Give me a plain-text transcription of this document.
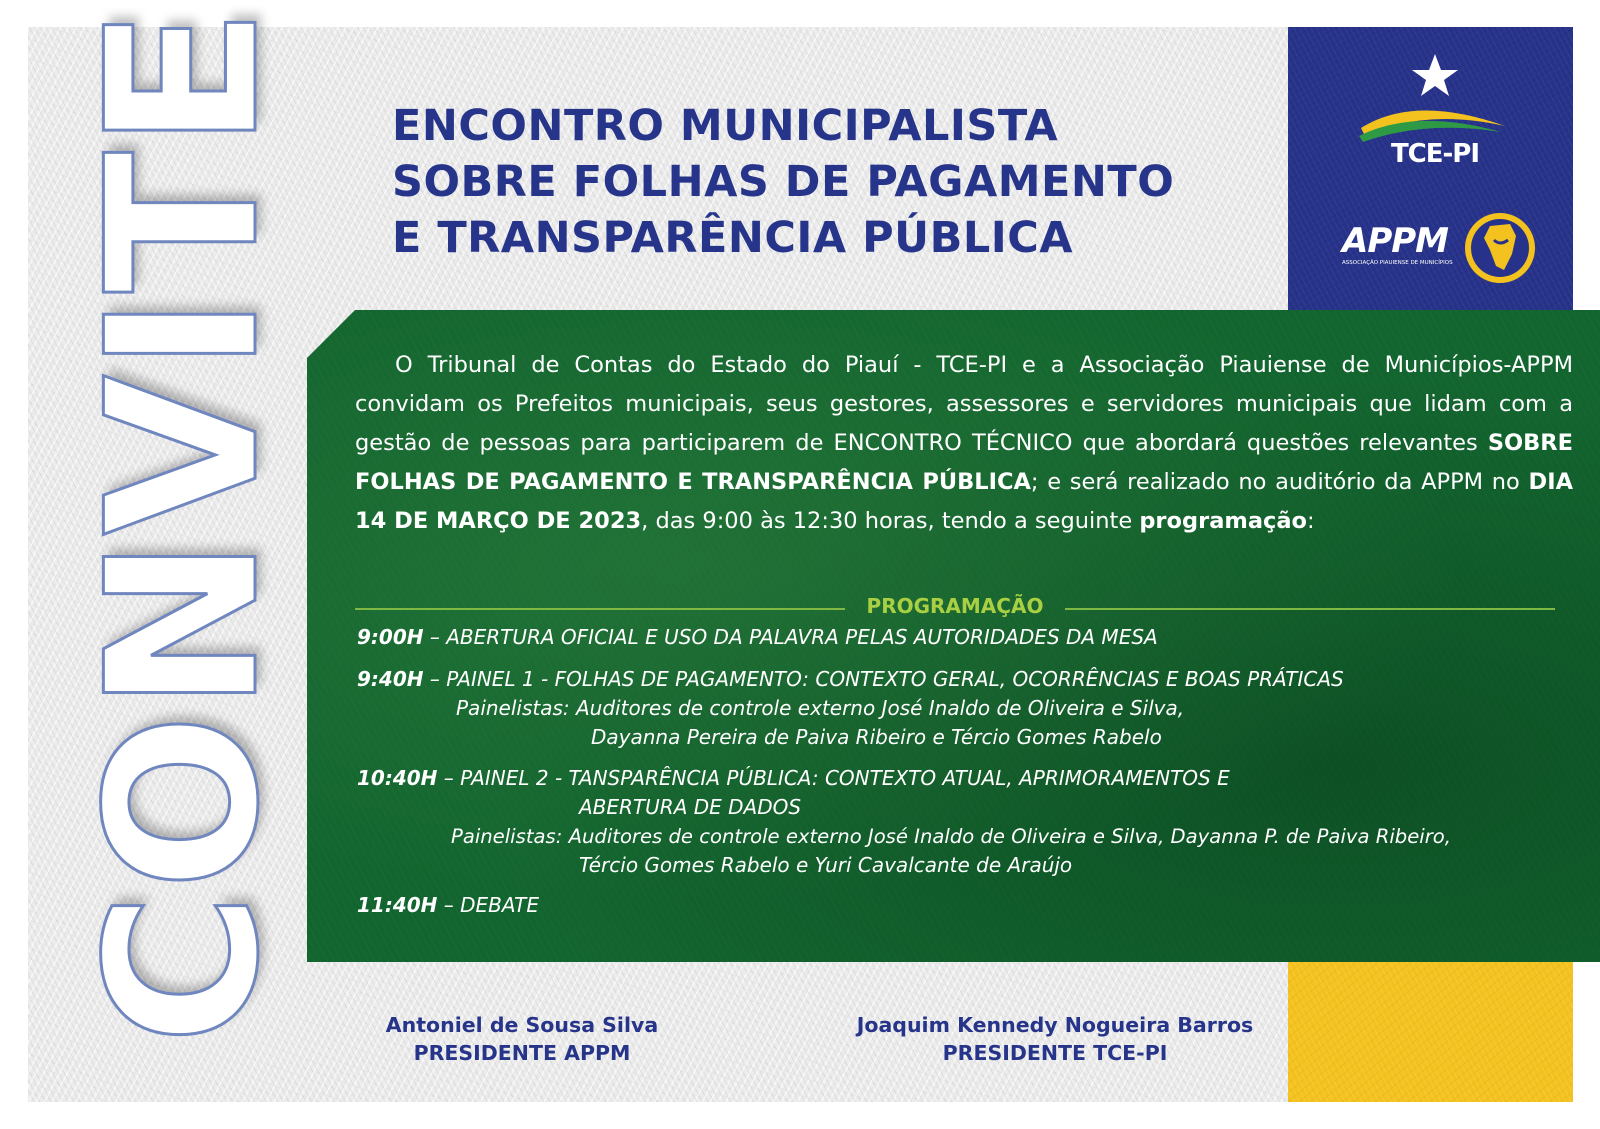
CONVITE ENCONTRO MUNICIPALISTA
SOBRE FOLHAS DE PAGAMENTO
E TRANSPARÊNCIA PÚBLICA
TCE-PI
APPM
ASSOCIAÇÃO PIAUIENSE DE MUNICÍPIOS

O Tribunal de Contas do Estado do Piauí - TCE-PI e a Associação Piauiense de Municípios-APPM convidam os Prefeitos municipais, seus gestores, assessores e servidores municipais que lidam com a gestão de pessoas para participarem de ENCONTRO TÉCNICO que abordará questões relevantes SOBRE FOLHAS DE PAGAMENTO E TRANSPARÊNCIA PÚBLICA; e será realizado no auditório da APPM no DIA 14 DE MARÇO DE 2023, das 9:00 às 12:30 horas, tendo a seguinte programação:

PROGRAMAÇÃO
9:00H – ABERTURA OFICIAL E USO DA PALAVRA PELAS AUTORIDADES DA MESA
9:40H – PAINEL 1 - FOLHAS DE PAGAMENTO: CONTEXTO GERAL, OCORRÊNCIAS E BOAS PRÁTICAS
Painelistas: Auditores de controle externo José Inaldo de Oliveira e Silva,
Dayanna Pereira de Paiva Ribeiro e Tércio Gomes Rabelo
10:40H – PAINEL 2 - TANSPARÊNCIA PÚBLICA: CONTEXTO ATUAL, APRIMORAMENTOS E
ABERTURA DE DADOS
Painelistas: Auditores de controle externo José Inaldo de Oliveira e Silva, Dayanna P. de Paiva Ribeiro,
Tércio Gomes Rabelo e Yuri Cavalcante de Araújo
11:40H – DEBATE
Antoniel de Sousa Silva
PRESIDENTE APPM
Joaquim Kennedy Nogueira Barros
PRESIDENTE TCE-PI
